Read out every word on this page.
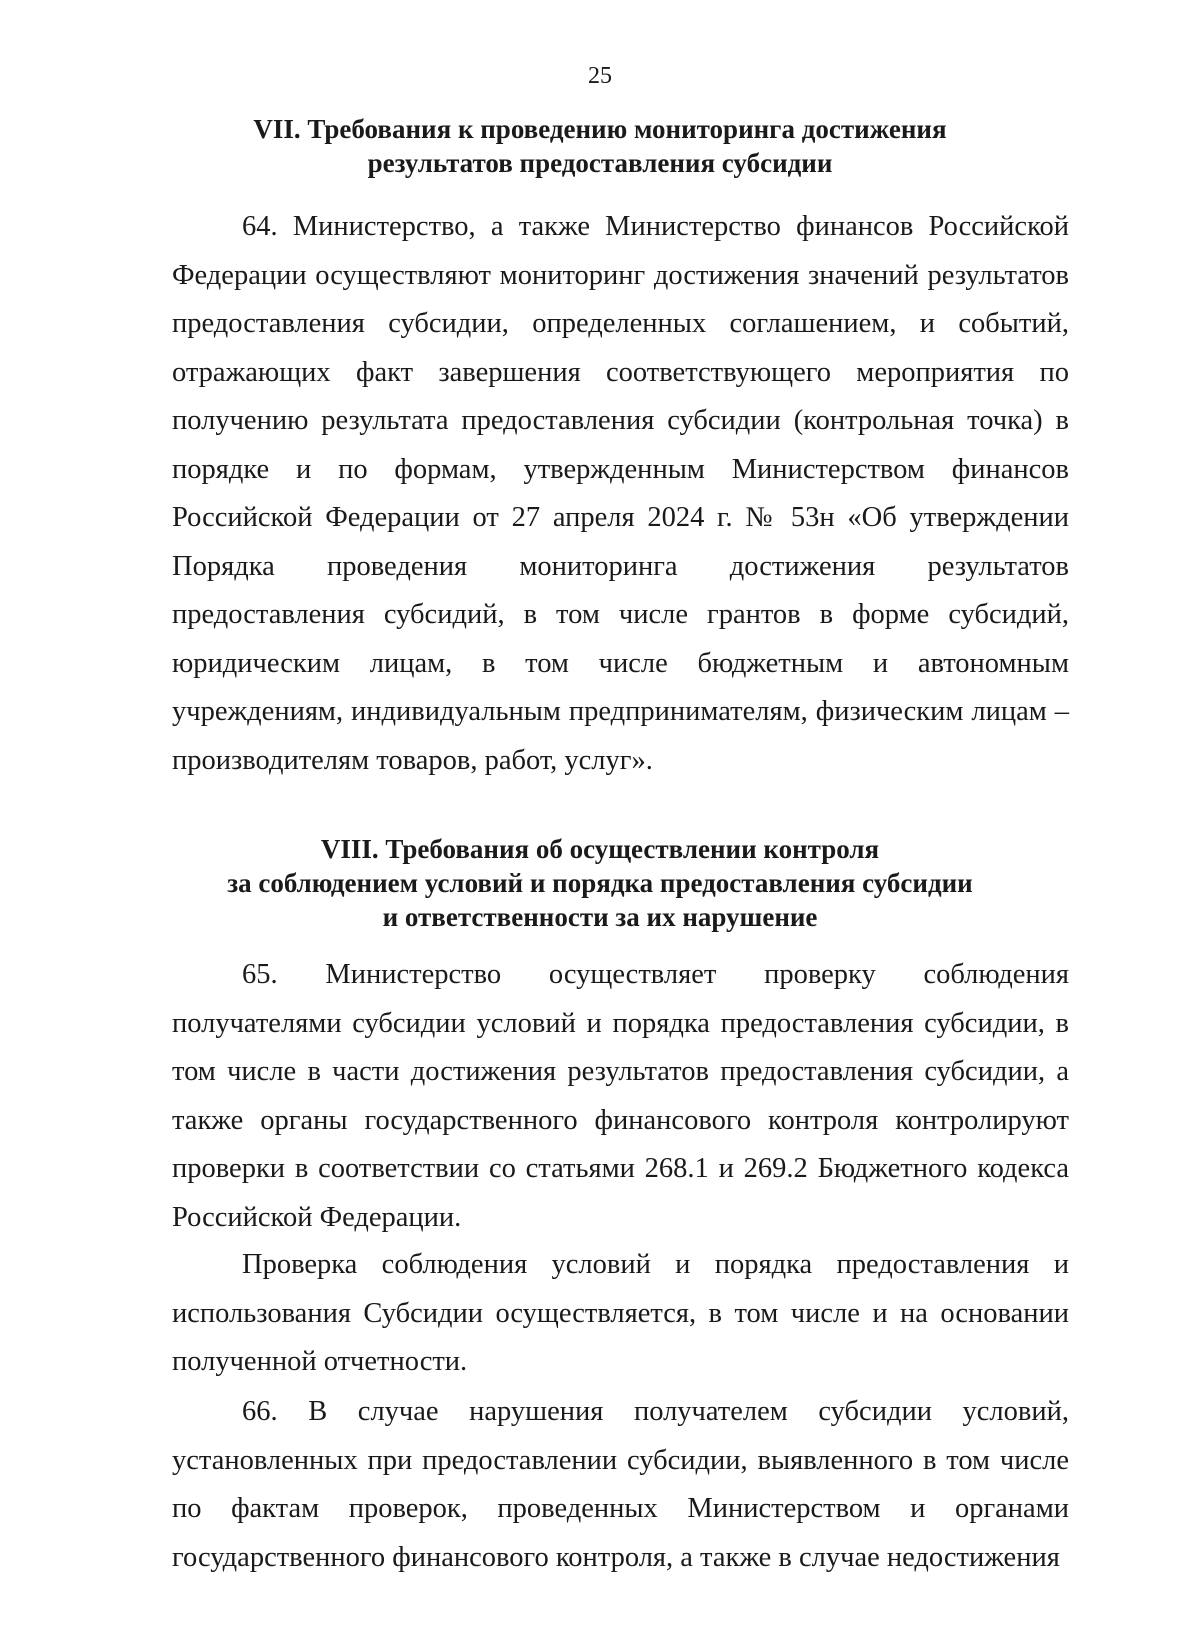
25
VII. Требования к проведению мониторинга достижения
результатов предоставления субсидии

64. Министерство, а также Министерство финансов Российской Федерации осуществляют мониторинг достижения значений результатов предоставления субсидии, определенных соглашением, и событий, отражающих факт завершения соответствующего мероприятия по получению результата предоставления субсидии (контрольная точка) в порядке и по формам, утвержденным Министерством финансов Российской Федерации от 27 апреля 2024 г. № 53н «Об утверждении Порядка проведения мониторинга достижения результатов предоставления субсидий, в том числе грантов в форме субсидий, юридическим лицам, в том числе бюджетным и автономным учреждениям, индивидуальным предпринимателям, физическим лицам – производителям товаров, работ, услуг».

VIII. Требования об осуществлении контроля
за соблюдением условий и порядка предоставления субсидии
и ответственности за их нарушение

65. Министерство осуществляет проверку соблюдения получателями субсидии условий и порядка предоставления субсидии, в том числе в части достижения результатов предоставления субсидии, а также органы государственного финансового контроля контролируют проверки в соответствии со статьями 268.1 и 269.2 Бюджетного кодекса Российской Федерации.

Проверка соблюдения условий и порядка предоставления и использования Субсидии осуществляется, в том числе и на основании полученной отчетности.

66. В случае нарушения получателем субсидии условий, установленных при предоставлении субсидии, выявленного в том числе по фактам проверок, проведенных Министерством и органами государственного финансового контроля, а также в случае недостижения
